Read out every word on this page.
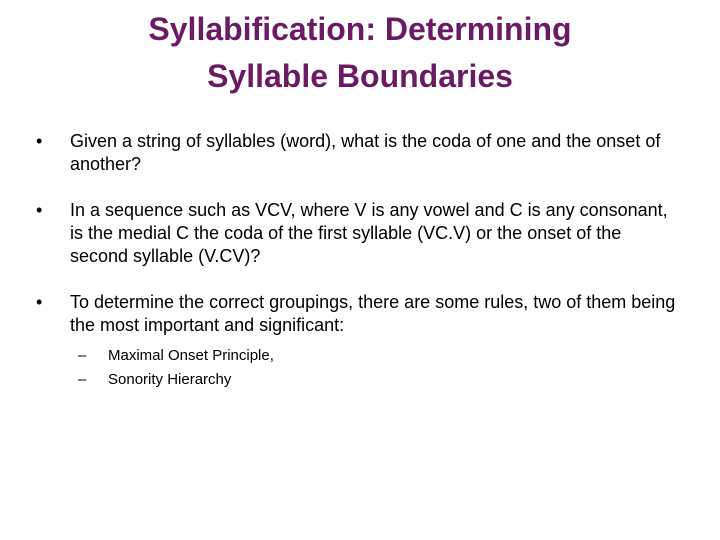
Syllabification: Determining
Syllable Boundaries
•	Given a string of syllables (word), what is the coda of one and the onset of another?
•	In a sequence such as VCV, where V is any vowel and C is any consonant, is the medial C the coda of the first syllable (VC.V) or the onset of the second syllable (V.CV)?
•	To determine the correct groupings, there are some rules, two of them being the most important and significant:
–	Maximal Onset Principle,
–	Sonority Hierarchy
